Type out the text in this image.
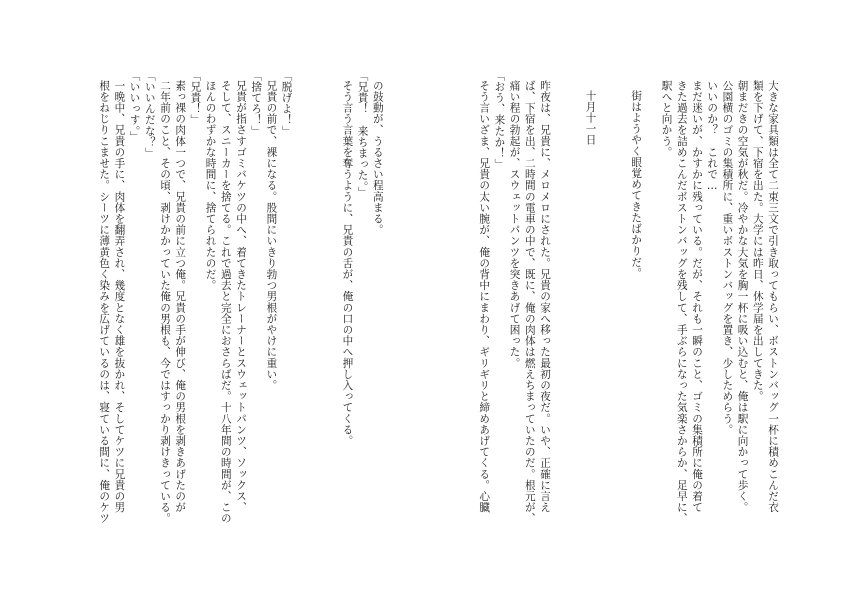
大きな家具類は全て二束三文で引き取ってもらい、ボストンバッグ一杯に積めこんだ衣
類を下げて、下宿を出た。大学には昨日、休学届を出してきた。
朝まだきの空気が秋だ。冷やかな大気を胸一杯に吸い込むと、俺は駅に向かって歩く。
公園横のゴミの集積所に、重いボストンバッグを置き、少しためらう。
いいのか？　これで…
まだ迷いが、かすかに残っている。だが、それも一瞬のこと、ゴミの集積所に俺の着て
きた過去を詰めこんだボストンバッグを残して、手ぶらになった気楽さからか、足早に、
駅へと向かう。
街はようやく眼覚めてきたばかりだ。
十月十一日
昨夜は、兄貴に、メロメロにされた。兄貴の家へ移った最初の夜だ。いや、正確に言え
ば、下宿を出、二時間の電車の中で、既に、俺の肉体は燃えちまっていたのだ。根元が、
痛い程の勃起が、スウェットパンツを突きあげて困った。
「おう、来たか！」
そう言いざま、兄貴の太い腕が、俺の背中にまわり、ギリギリと締めあげてくる。心臓
の鼓動が、うるさい程高まる。
「兄貴！　来ちまった。」
そう言う言葉を奪うように、兄貴の舌が、俺の口の中へ押し入ってくる。
「脱げよ！」
兄貴の前で、裸になる。股間にいきり勃つ男根がやけに重い。
「捨てろ！」
兄貴が指さすゴミバケツの中へ、着てきたトレーナーとスウェットパンツ、ソックス、
そして、スニーカーを捨てる。これで過去と完全におさらばだ。十八年間の時間が、この
ほんのわずかな時間に、捨てられたのだ。
「兄貴！」
素っ裸の肉体一つで、兄貴の前に立つ俺。兄貴の手が伸び、俺の男根を剥きあげたのが
二年前のこと、その頃、剥けかかっていた俺の男根も、今ではすっかり剥けきっている。
「いいんだな？」
「いいっす。」
一晩中、兄貴の手に、肉体を翻弄され、幾度となく雄を抜かれ、そしてケツに兄貴の男
根をねじりこませた。シーツに薄黄色く染みを広げているのは、寝ている間に、俺のケツ
